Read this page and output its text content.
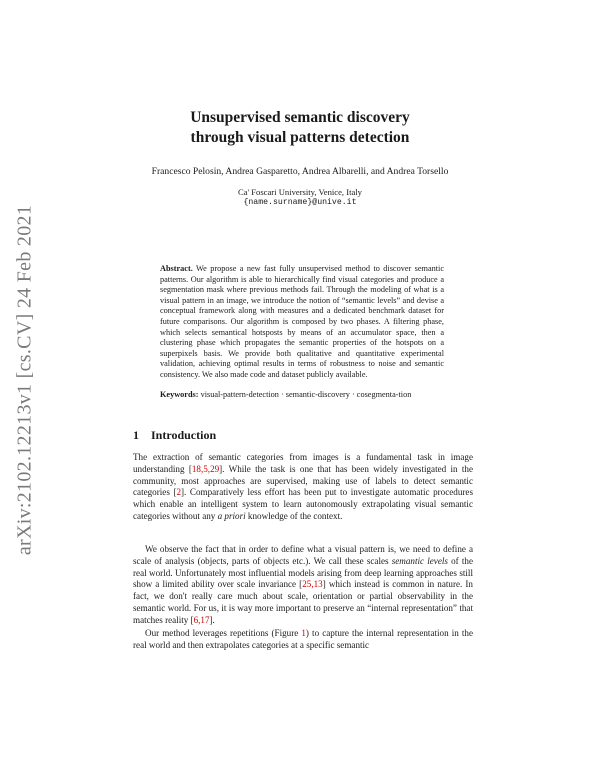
arXiv:2102.12213v1 [cs.CV] 24 Feb 2021
Unsupervised semantic discovery
through visual patterns detection
Francesco Pelosin, Andrea Gasparetto, Andrea Albarelli, and Andrea Torsello
Ca' Foscari University, Venice, Italy
{ name.surname } @unive.it
Abstract. We propose a new fast fully unsupervised method to discover semantic patterns. Our algorithm is able to hierarchically find visual categories and produce a segmentation mask where previous methods fail. Through the modeling of what is a visual pattern in an image, we introduce the notion of “semantic levels” and devise a conceptual framework along with measures and a dedicated benchmark dataset for future comparisons. Our algorithm is composed by two phases. A filtering phase, which selects semantical hotsposts by means of an accumulator space, then a clustering phase which propagates the semantic properties of the hotspots on a superpixels basis. We provide both qualitative and quantitative experimental validation, achieving optimal results in terms of robustness to noise and semantic consistency. We also made code and dataset publicly available.
Keywords: visual-pattern-detection · semantic-discovery · cosegmenta-tion
1 Introduction
The extraction of semantic categories from images is a fundamental task in image understanding [18,5,29]. While the task is one that has been widely investigated in the community, most approaches are supervised, making use of labels to detect semantic categories [2]. Comparatively less effort has been put to investigate automatic procedures which enable an intelligent system to learn autonomously extrapolating visual semantic categories without any a priori knowledge of the context.
We observe the fact that in order to define what a visual pattern is, we need to define a scale of analysis (objects, parts of objects etc.). We call these scales semantic levels of the real world. Unfortunately most influential models arising from deep learning approaches still show a limited ability over scale invariance [25,13] which instead is common in nature. In fact, we don't really care much about scale, orientation or partial observability in the semantic world. For us, it is way more important to preserve an “internal representation” that matches reality [6,17].
Our method leverages repetitions (Figure 1) to capture the internal representation in the real world and then extrapolates categories at a specific semantic
